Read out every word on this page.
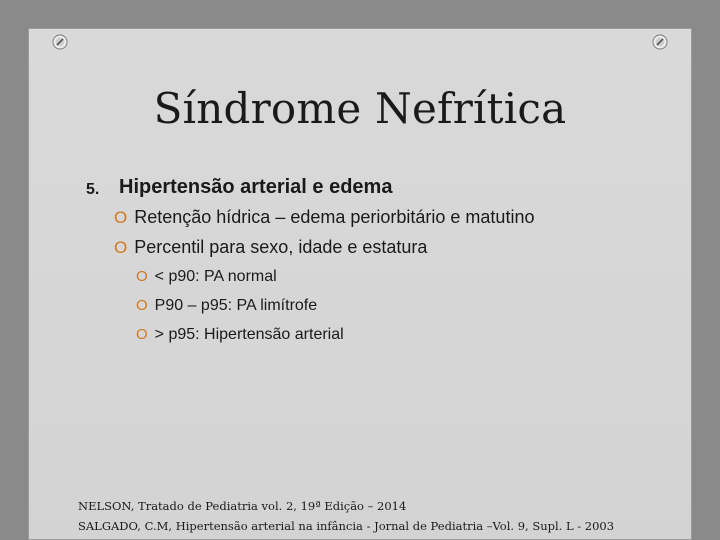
Síndrome Nefrítica
5. Hipertensão arterial e edema
O Retenção hídrica – edema periorbitário e matutino
O Percentil para sexo, idade e estatura
O < p90: PA normal
O P90 – p95: PA limítrofe
O > p95: Hipertensão arterial
NELSON, Tratado de Pediatria vol. 2, 19ª Edição – 2014
SALGADO, C.M, Hipertensão arterial na infância - Jornal de Pediatria –Vol. 9, Supl. L - 2003
